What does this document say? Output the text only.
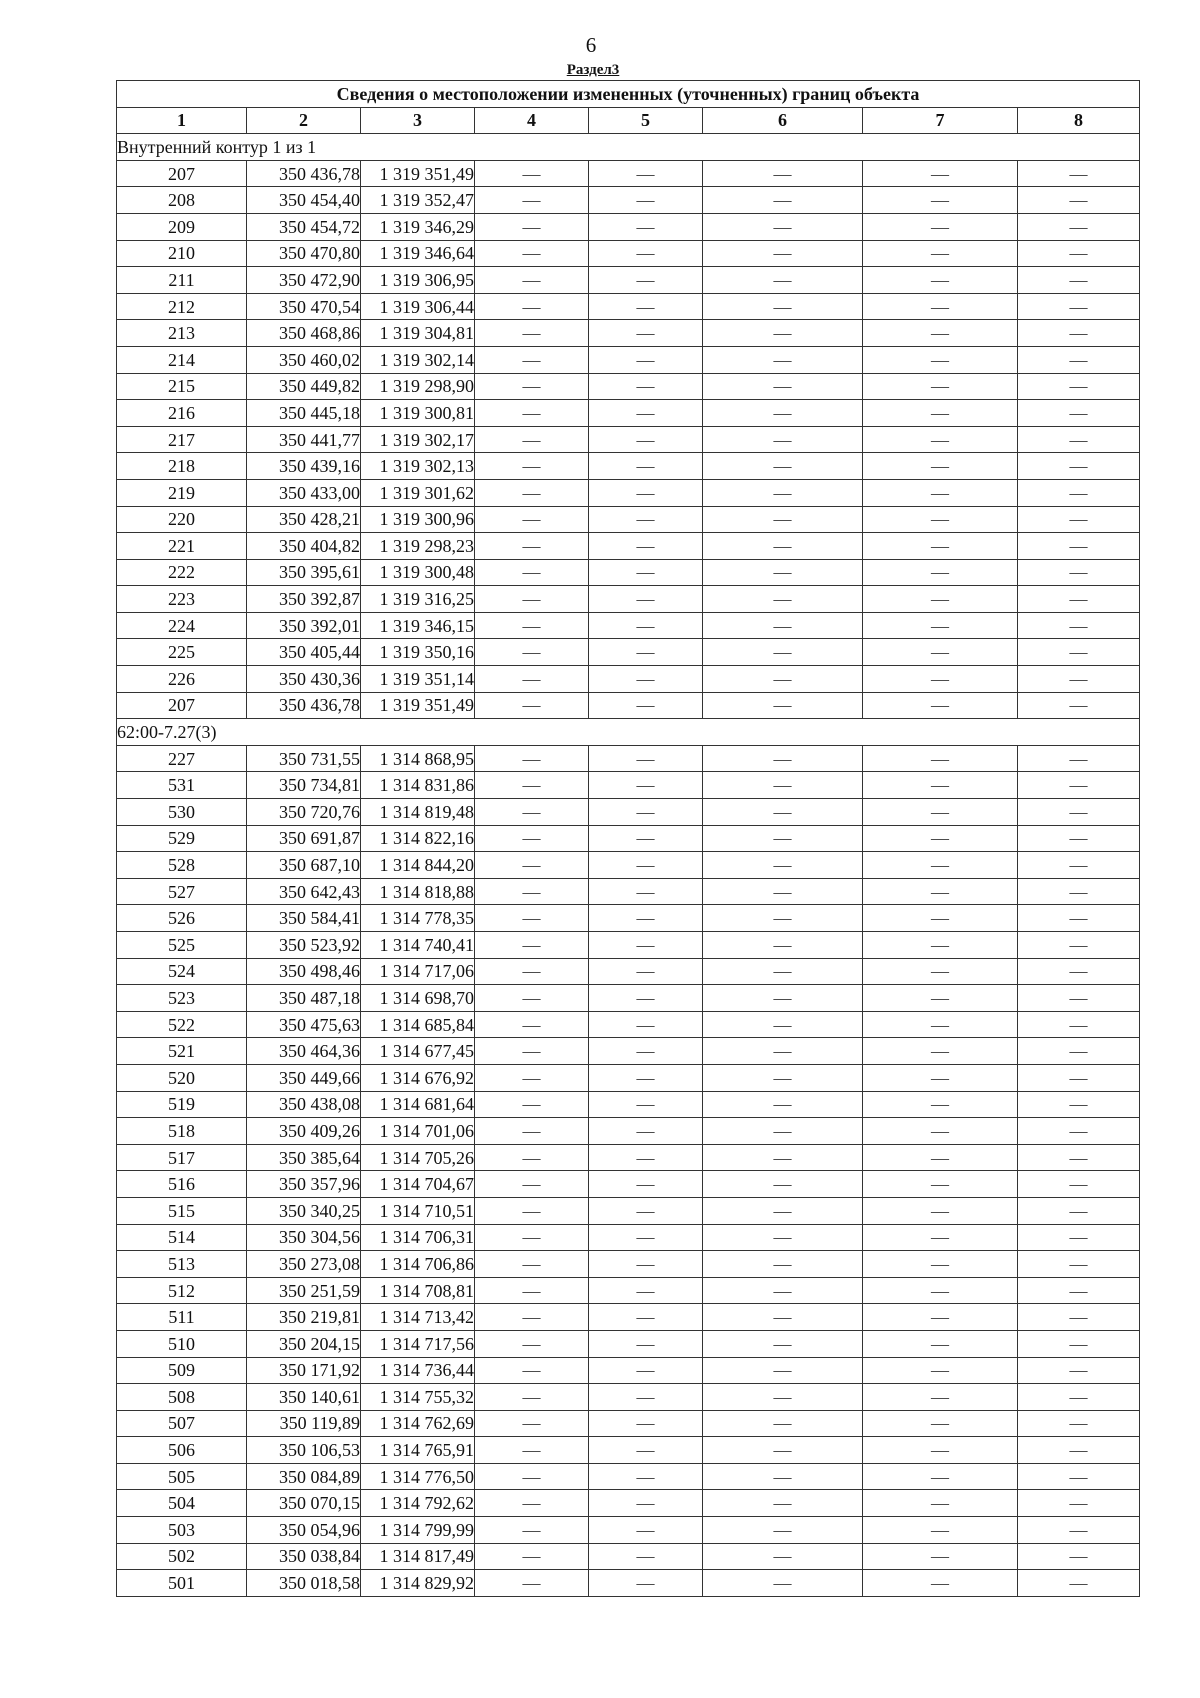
6
Раздел3
Сведения о местоположении измененных (уточненных) границ объекта							
1	2	3	4	5	6	7	8
Внутренний контур 1 из 1							
207	350 436,78	1 319 351,49	—	—	—	—	—
208	350 454,40	1 319 352,47	—	—	—	—	—
209	350 454,72	1 319 346,29	—	—	—	—	—
210	350 470,80	1 319 346,64	—	—	—	—	—
211	350 472,90	1 319 306,95	—	—	—	—	—
212	350 470,54	1 319 306,44	—	—	—	—	—
213	350 468,86	1 319 304,81	—	—	—	—	—
214	350 460,02	1 319 302,14	—	—	—	—	—
215	350 449,82	1 319 298,90	—	—	—	—	—
216	350 445,18	1 319 300,81	—	—	—	—	—
217	350 441,77	1 319 302,17	—	—	—	—	—
218	350 439,16	1 319 302,13	—	—	—	—	—
219	350 433,00	1 319 301,62	—	—	—	—	—
220	350 428,21	1 319 300,96	—	—	—	—	—
221	350 404,82	1 319 298,23	—	—	—	—	—
222	350 395,61	1 319 300,48	—	—	—	—	—
223	350 392,87	1 319 316,25	—	—	—	—	—
224	350 392,01	1 319 346,15	—	—	—	—	—
225	350 405,44	1 319 350,16	—	—	—	—	—
226	350 430,36	1 319 351,14	—	—	—	—	—
207	350 436,78	1 319 351,49	—	—	—	—	—
62:00-7.27(3)							
227	350 731,55	1 314 868,95	—	—	—	—	—
531	350 734,81	1 314 831,86	—	—	—	—	—
530	350 720,76	1 314 819,48	—	—	—	—	—
529	350 691,87	1 314 822,16	—	—	—	—	—
528	350 687,10	1 314 844,20	—	—	—	—	—
527	350 642,43	1 314 818,88	—	—	—	—	—
526	350 584,41	1 314 778,35	—	—	—	—	—
525	350 523,92	1 314 740,41	—	—	—	—	—
524	350 498,46	1 314 717,06	—	—	—	—	—
523	350 487,18	1 314 698,70	—	—	—	—	—
522	350 475,63	1 314 685,84	—	—	—	—	—
521	350 464,36	1 314 677,45	—	—	—	—	—
520	350 449,66	1 314 676,92	—	—	—	—	—
519	350 438,08	1 314 681,64	—	—	—	—	—
518	350 409,26	1 314 701,06	—	—	—	—	—
517	350 385,64	1 314 705,26	—	—	—	—	—
516	350 357,96	1 314 704,67	—	—	—	—	—
515	350 340,25	1 314 710,51	—	—	—	—	—
514	350 304,56	1 314 706,31	—	—	—	—	—
513	350 273,08	1 314 706,86	—	—	—	—	—
512	350 251,59	1 314 708,81	—	—	—	—	—
511	350 219,81	1 314 713,42	—	—	—	—	—
510	350 204,15	1 314 717,56	—	—	—	—	—
509	350 171,92	1 314 736,44	—	—	—	—	—
508	350 140,61	1 314 755,32	—	—	—	—	—
507	350 119,89	1 314 762,69	—	—	—	—	—
506	350 106,53	1 314 765,91	—	—	—	—	—
505	350 084,89	1 314 776,50	—	—	—	—	—
504	350 070,15	1 314 792,62	—	—	—	—	—
503	350 054,96	1 314 799,99	—	—	—	—	—
502	350 038,84	1 314 817,49	—	—	—	—	—
501	350 018,58	1 314 829,92	—	—	—	—	—
